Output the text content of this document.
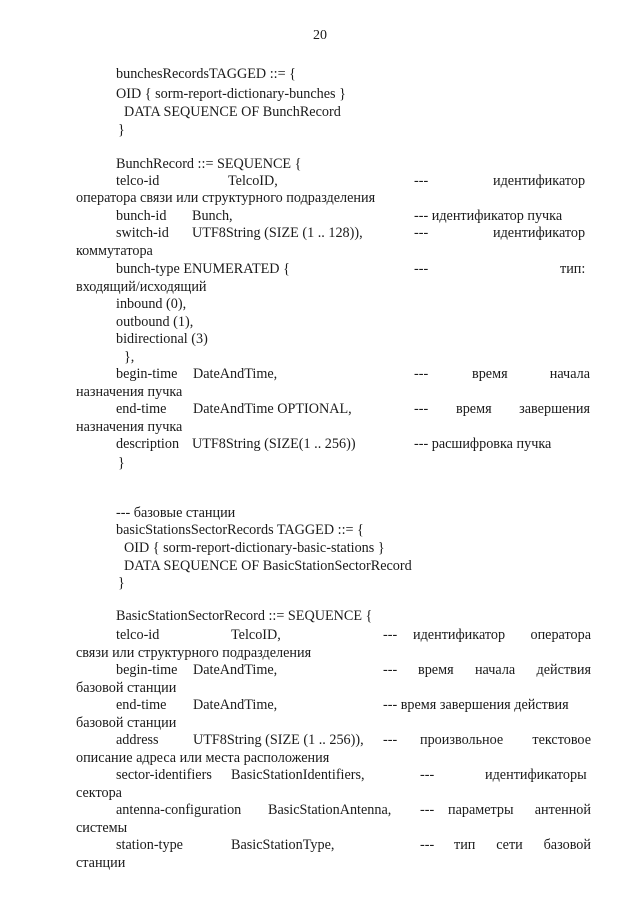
20
bunchesRecordsTAGGED ::= {
OID { sorm-report-dictionary-bunches }
DATA SEQUENCE OF BunchRecord
}
BunchRecord ::= SEQUENCE {
telco-id	TelcoID,	---	идентификатор
оператора связи или структурного подразделения
bunch-id Bunch,	--- идентификатор пучка
switch-id UTF8String (SIZE (1 .. 128)),	---	идентификатор
коммутатора
bunch-type ENUMERATED {	---	тип:
входящий/исходящий
inbound (0),
outbound (1),
bidirectional (3)
},
begin-time DateAndTime,	---	время	начала
назначения пучка
end-time DateAndTime OPTIONAL,	--- время завершения
назначения пучка
description UTF8String (SIZE(1 .. 256))	--- расшифровка пучка
}
--- базовые станции
basicStationsSectorRecords TAGGED ::= {
OID { sorm-report-dictionary-basic-stations }
DATA SEQUENCE OF BasicStationSectorRecord
}
BasicStationSectorRecord ::= SEQUENCE {
telco-id	TelcoID,	--- идентификатор оператора
связи или структурного подразделения
begin-time DateAndTime,	--- время начала действия
базовой станции
end-time DateAndTime,	--- время завершения действия
базовой станции
address UTF8String (SIZE (1 .. 256)), --- произвольное текстовое
описание адреса или места расположения
sector-identifiers BasicStationIdentifiers,	---	идентификаторы
сектора
antenna-configuration BasicStationAntenna, --- параметры антенной
системы
station-type	BasicStationType,	--- тип сети базовой
станции
